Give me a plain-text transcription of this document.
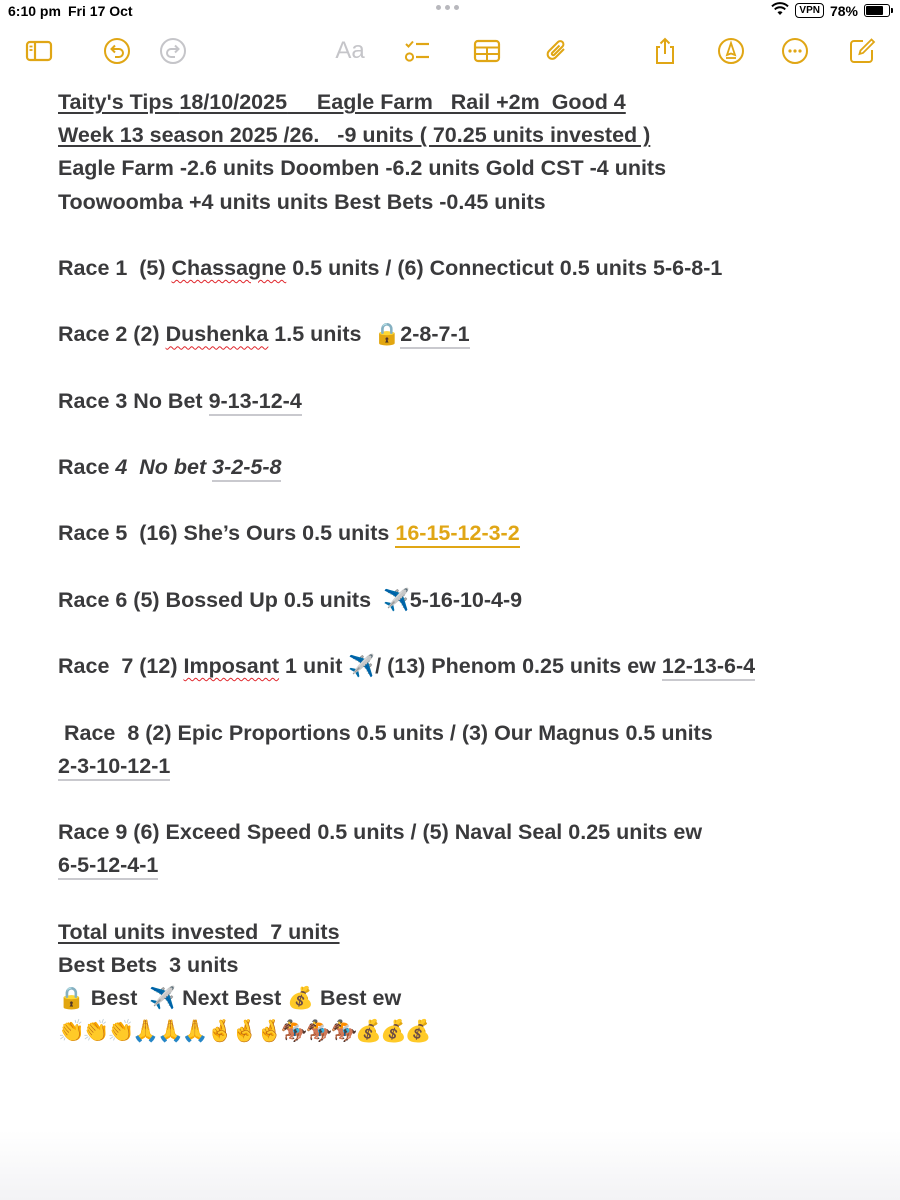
6:10 pm Fri 17 Oct	VPN 78%
Aa
Taity's Tips 18/10/2025     Eagle Farm   Rail +2m  Good 4
Week 13 season 2025 /26.   -9 units ( 70.25 units invested )
Eagle Farm -2.6 units Doomben -6.2 units Gold CST -4 units
Toowoomba +4 units units Best Bets -0.45 units
Race 1  (5) Chassagne 0.5 units / (6) Connecticut 0.5 units 5-6-8-1
Race 2 (2) Dushenka 1.5 units  🔒2-8-7-1
Race 3 No Bet 9-13-12-4
Race 4  No bet 3-2-5-8
Race 5  (16) She’s Ours 0.5 units 16-15-12-3-2
Race 6 (5) Bossed Up 0.5 units  ✈️5-16-10-4-9
Race  7 (12) Imposant 1 unit ✈️/ (13) Phenom 0.25 units ew 12-13-6-4
Race  8 (2) Epic Proportions 0.5 units / (3) Our Magnus 0.5 units
2-3-10-12-1
Race 9 (6) Exceed Speed 0.5 units / (5) Naval Seal 0.25 units ew
6-5-12-4-1
Total units invested  7 units
Best Bets  3 units
🔒 Best  ✈️ Next Best 💰 Best ew
👏👏👏🙏🙏🙏🤞🤞🤞🏇🏇🏇💰💰💰
